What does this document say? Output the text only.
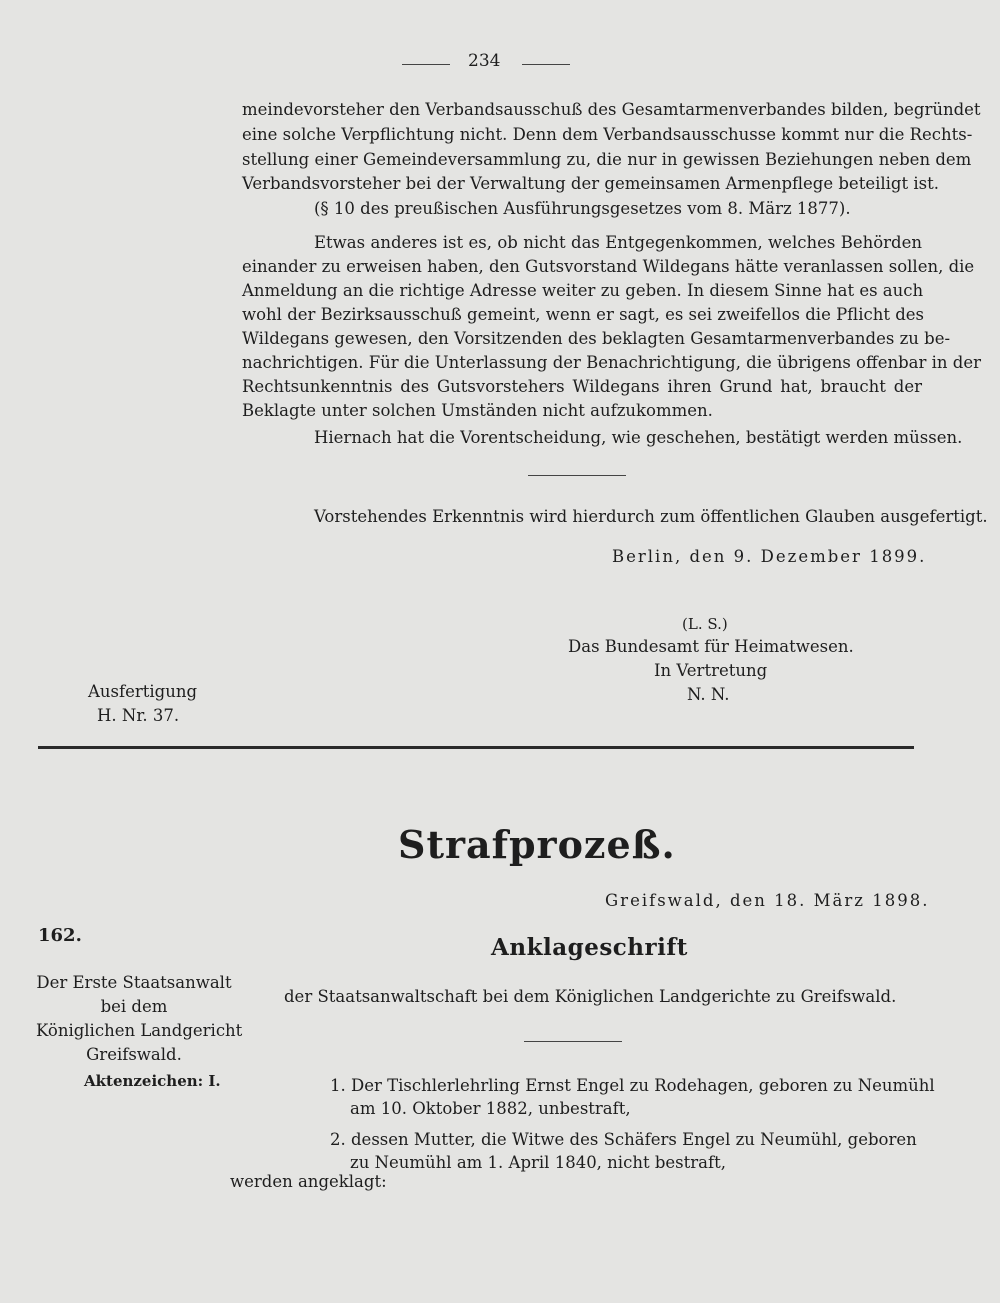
234
meindevorsteher den Verbandsausschuß des Gesamtarmenverbandes bilden, begründet
eine solche Verpflichtung nicht. Denn dem Verbandsausschusse kommt nur die Rechts-
stellung einer Gemeindeversammlung zu, die nur in gewissen Beziehungen neben dem
Verbandsvorsteher bei der Verwaltung der gemeinsamen Armenpflege beteiligt ist.
(§ 10 des preußischen Ausführungsgesetzes vom 8. März 1877).
Etwas anderes ist es, ob nicht das Entgegenkommen, welches Behörden
einander zu erweisen haben, den Gutsvorstand Wildegans hätte veranlassen sollen, die
Anmeldung an die richtige Adresse weiter zu geben. In diesem Sinne hat es auch
wohl der Bezirksausschuß gemeint, wenn er sagt, es sei zweifellos die Pflicht des
Wildegans gewesen, den Vorsitzenden des beklagten Gesamtarmenverbandes zu be-
nachrichtigen. Für die Unterlassung der Benachrichtigung, die übrigens offenbar in der
Rechtsunkenntnis des Gutsvorstehers Wildegans ihren Grund hat, braucht der
Beklagte unter solchen Umständen nicht aufzukommen.
Hiernach hat die Vorentscheidung, wie geschehen, bestätigt werden müssen.
Vorstehendes Erkenntnis wird hierdurch zum öffentlichen Glauben ausgefertigt.
Berlin, den 9. Dezember 1899.
(L. S.)
Das Bundesamt für Heimatwesen.
In Vertretung
N. N.
Ausfertigung
H. Nr. 37.
Strafprozeß.
Greifswald, den 18. März 1898.
162.	Anklageschrift
Der Erste Staatsanwalt
bei dem
Königlichen Landgericht
Greifswald.
Aktenzeichen: I.
der Staatsanwaltschaft bei dem Königlichen Landgerichte zu Greifswald.
1. Der Tischlerlehrling Ernst Engel zu Rodehagen, geboren zu Neumühl
am 10. Oktober 1882, unbestraft,
2. dessen Mutter, die Witwe des Schäfers Engel zu Neumühl, geboren
zu Neumühl am 1. April 1840, nicht bestraft,
werden angeklagt:
